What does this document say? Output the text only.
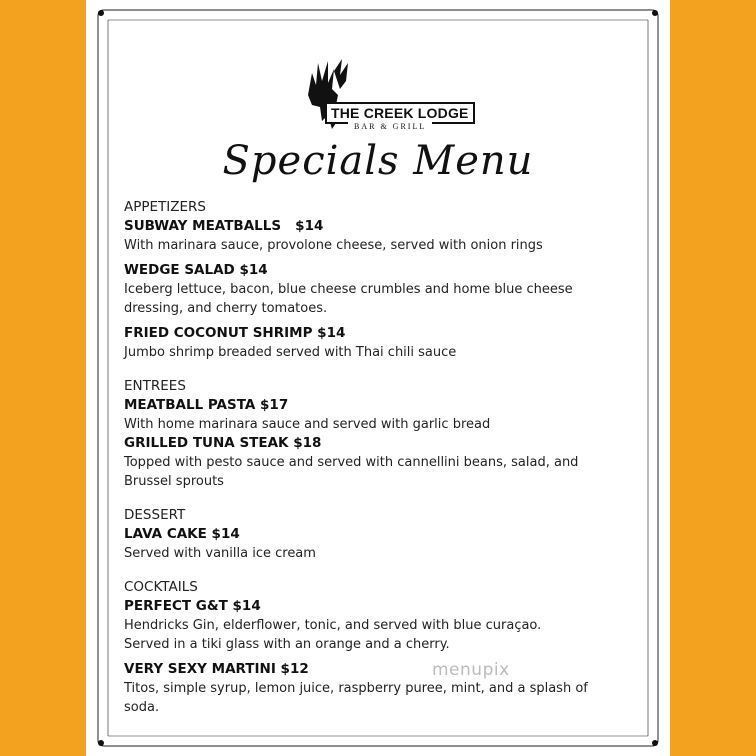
THE CREEK LODGE
BAR & GRILL
Specials Menu

APPETIZERS

SUBWAY MEATBALLS   $14

With marinara sauce, provolone cheese, served with onion rings

WEDGE SALAD $14

Iceberg lettuce, bacon, blue cheese crumbles and home blue cheese

dressing, and cherry tomatoes.

FRIED COCONUT SHRIMP $14

Jumbo shrimp breaded served with Thai chili sauce

ENTREES

MEATBALL PASTA $17

With home marinara sauce and served with garlic bread

GRILLED TUNA STEAK $18

Topped with pesto sauce and served with cannellini beans, salad, and

Brussel sprouts

DESSERT

LAVA CAKE $14

Served with vanilla ice cream

COCKTAILS

PERFECT G&T $14

Hendricks Gin, elderflower, tonic, and served with blue curaçao.

Served in a tiki glass with an orange and a cherry.

VERY SEXY MARTINI $12

Titos, simple syrup, lemon juice, raspberry puree, mint, and a splash of

soda.

menupix
